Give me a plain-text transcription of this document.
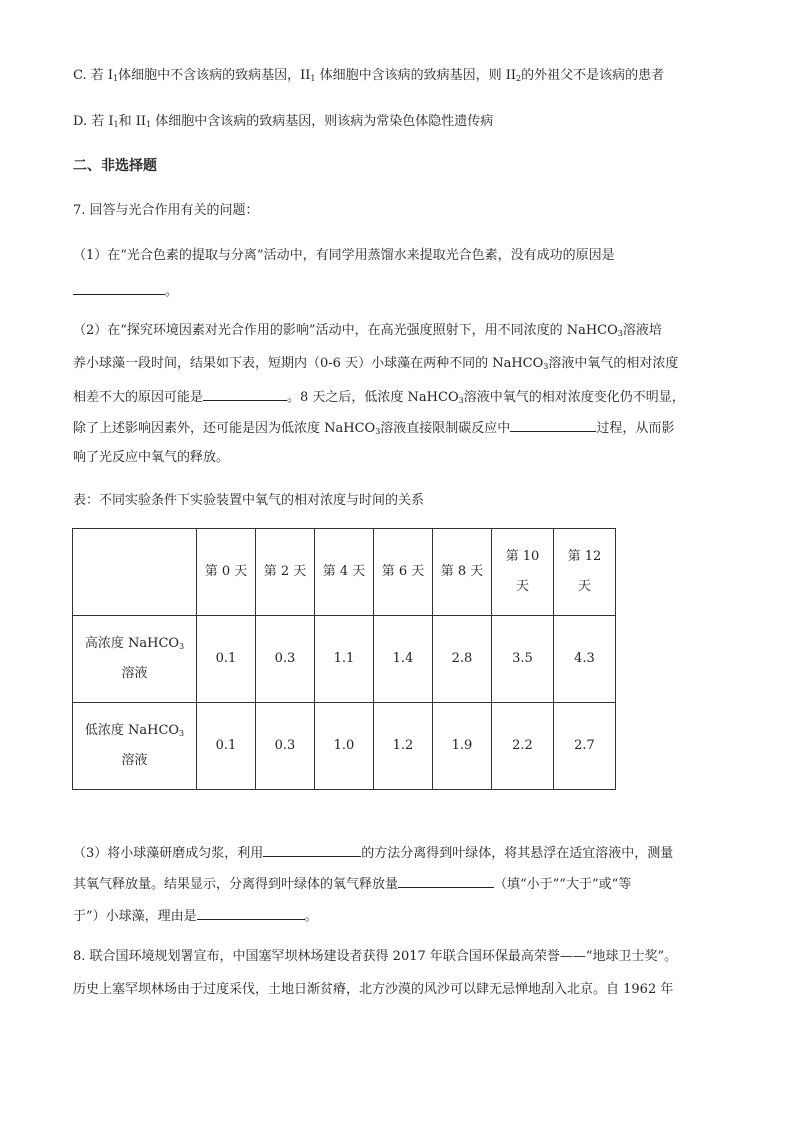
C. 若 $I_1$体细胞中不含该病的致病基因，$II_1$ 体细胞中含该病的致病基因，则 $II_2$的外祖父不是该病的患者
D. 若 $I_1$和 $II_1$ 体细胞中含该病的致病基因，则该病为常染色体隐性遗传病
二、非选择题
7. 回答与光合作用有关的问题：
（1）在“光合色素的提取与分离”活动中，有同学用蒸馏水来提取光合色素，没有成功的原因是
。
（2）在“探究环境因素对光合作用的影响”活动中，在高光强度照射下，用不同浓度的 NaHCO$_3$溶液培
养小球藻一段时间，结果如下表，短期内（0-6 天）小球藻在两种不同的 NaHCO$_3$溶液中氧气的相对浓度
相差不大的原因可能是	。8 天之后，低浓度 NaHCO$_3$溶液中氧气的相对浓度变化仍不明显，
除了上述影响因素外，还可能是因为低浓度 NaHCO$_3$溶液直接限制碳反应中	过程，从而影
响了光反应中氧气的释放。
表：不同实验条件下实验装置中氧气的相对浓度与时间的关系
	第 0 天	第 2 天	第 4 天	第 6 天	第 8 天	第 10
天	第 12
天
高浓度 NaHCO$_3$
溶液	0.1	0.3	1.1	1.4	2.8	3.5	4.3
低浓度 NaHCO$_3$
溶液	0.1	0.3	1.0	1.2	1.9	2.2	2.7
（3）将小球藻研磨成匀浆，利用	的方法分离得到叶绿体，将其悬浮在适宜溶液中，测量
其氧气释放量。结果显示，分离得到叶绿体的氧气释放量	（填“小于”“大于”或“等
于”）小球藻，理由是	。
8. 联合国环境规划署宣布，中国塞罕坝林场建设者获得 2017 年联合国环保最高荣誉——“地球卫士奖”。
历史上塞罕坝林场由于过度采伐，土地日渐贫瘠，北方沙漠的风沙可以肆无忌惮地刮入北京。自 1962 年
